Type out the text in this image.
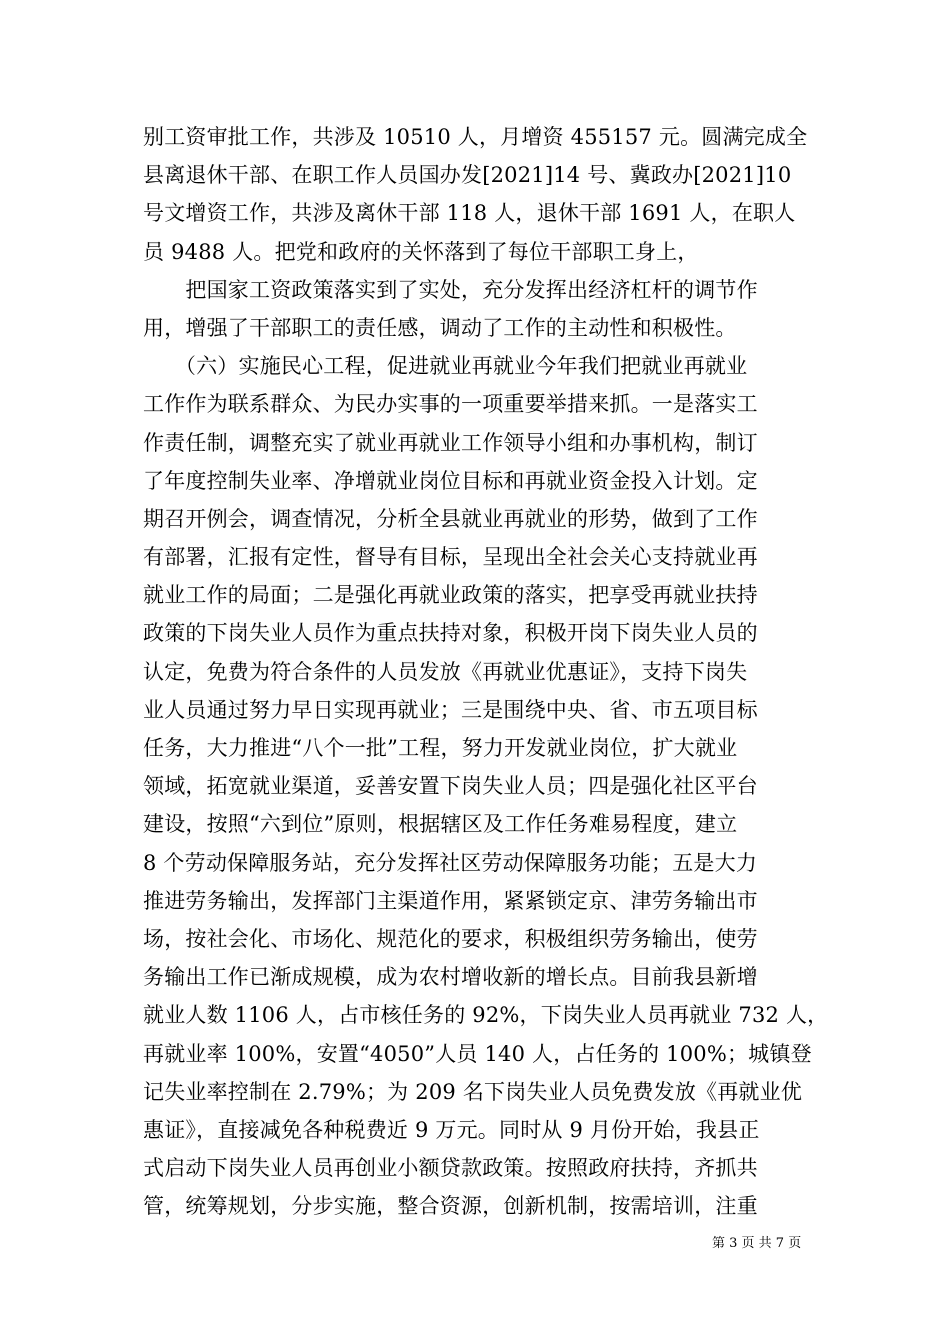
别工资审批工作，共涉及 10510 人，月增资 455157 元。圆满完成全
县离退休干部、在职工作人员国办发[2021]14 号、冀政办[2021]10
号文增资工作，共涉及离休干部 118 人，退休干部 1691 人，在职人
员 9488 人。把党和政府的关怀落到了每位干部职工身上，
　　把国家工资政策落实到了实处，充分发挥出经济杠杆的调节作
用，增强了干部职工的责任感，调动了工作的主动性和积极性。
　　（六）实施民心工程，促进就业再就业今年我们把就业再就业
工作作为联系群众、为民办实事的一项重要举措来抓。一是落实工
作责任制，调整充实了就业再就业工作领导小组和办事机构，制订
了年度控制失业率、净增就业岗位目标和再就业资金投入计划。定
期召开例会，调查情况，分析全县就业再就业的形势，做到了工作
有部署，汇报有定性，督导有目标，呈现出全社会关心支持就业再
就业工作的局面；二是强化再就业政策的落实，把享受再就业扶持
政策的下岗失业人员作为重点扶持对象，积极开岗下岗失业人员的
认定，免费为符合条件的人员发放《再就业优惠证》，支持下岗失
业人员通过努力早日实现再就业；三是围绕中央、省、市五项目标
任务，大力推进“八个一批”工程，努力开发就业岗位，扩大就业
领域，拓宽就业渠道，妥善安置下岗失业人员；四是强化社区平台
建设，按照“六到位”原则，根据辖区及工作任务难易程度，建立
8 个劳动保障服务站，充分发挥社区劳动保障服务功能；五是大力
推进劳务输出，发挥部门主渠道作用，紧紧锁定京、津劳务输出市
场，按社会化、市场化、规范化的要求，积极组织劳务输出，使劳
务输出工作已渐成规模，成为农村增收新的增长点。目前我县新增
就业人数 1106 人，占市核任务的 92%，下岗失业人员再就业 732 人，
再就业率 100%，安置“4050”人员 140 人，占任务的 100%；城镇登
记失业率控制在 2.79%；为 209 名下岗失业人员免费发放《再就业优
惠证》，直接减免各种税费近 9 万元。同时从 9 月份开始，我县正
式启动下岗失业人员再创业小额贷款政策。按照政府扶持，齐抓共
管，统筹规划，分步实施，整合资源，创新机制，按需培训，注重
第 3 页 共 7 页
